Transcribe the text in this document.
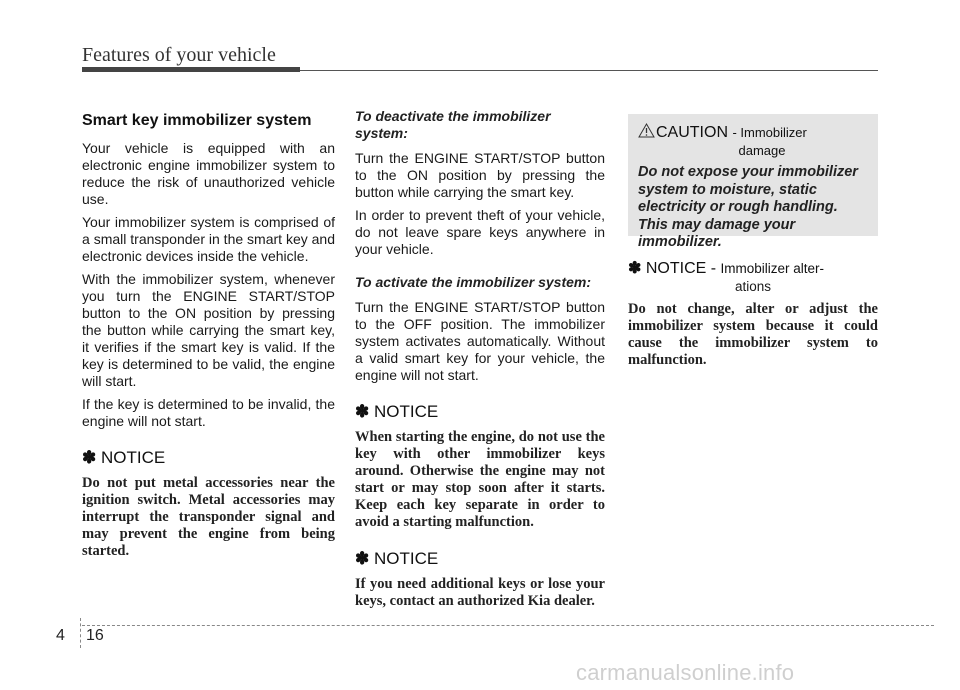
Features of your vehicle
Smart key immobilizer system

Your vehicle is equipped with an electronic engine immobilizer system to reduce the risk of unauthorized vehicle use.

Your immobilizer system is comprised of a small transponder in the smart key and electronic devices inside the vehicle.

With the immobilizer system, whenever you turn the ENGINE START/STOP button to the ON position by pressing the button while carrying the smart key, it verifies if the smart key is valid. If the key is determined to be valid, the engine will start.

If the key is determined to be invalid, the engine will not start.

✽ NOTICE

Do not put metal accessories near the ignition switch. Metal accessories may interrupt the transponder signal and may prevent the engine from being started.

To deactivate the immobilizer system:

Turn the ENGINE START/STOP button to the ON position by pressing the button while carrying the smart key.

In order to prevent theft of your vehicle, do not leave spare keys anywhere in your vehicle.

To activate the immobilizer system:

Turn the ENGINE START/STOP button to the OFF position. The immobilizer system activates automatically. Without a valid smart key for your vehicle, the engine will not start.

✽ NOTICE

When starting the engine, do not use the key with other immobilizer keys around. Otherwise the engine may not start or may stop soon after it starts. Keep each key separate in order to avoid a starting malfunction.

✽ NOTICE

If you need additional keys or lose your keys, contact an authorized Kia dealer.

CAUTION - Immobilizer
damage

Do not expose your immobilizer system to moisture, static electricity or rough handling. This may damage your immobilizer.

✽ NOTICE - Immobilizer alter-
ations

Do not change, alter or adjust the immobilizer system because it could cause the immobilizer system to malfunction.

4 16
carmanualsonline.info
